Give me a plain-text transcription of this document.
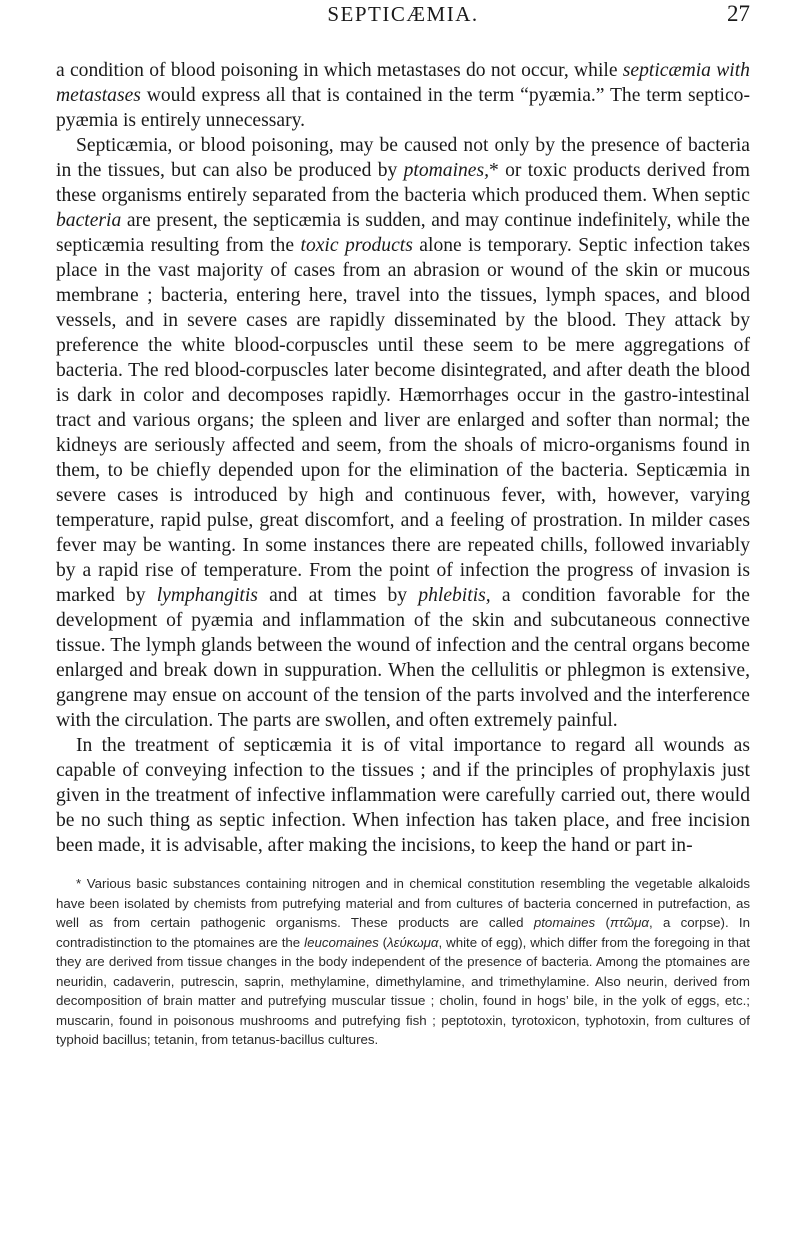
SEPTICÆMIA.	27

a condition of blood poisoning in which metastases do not occur, while septicæmia with metastases would express all that is contained in the term “pyæmia.” The term septico-pyæmia is entirely unnecessary.

Septicæmia, or blood poisoning, may be caused not only by the presence of bacteria in the tissues, but can also be produced by ptomaines,* or toxic products derived from these organisms entirely separated from the bacteria which produced them. When septic bacteria are present, the septicæmia is sudden, and may continue indefinitely, while the septicæmia resulting from the toxic products alone is temporary. Septic infection takes place in the vast majority of cases from an abrasion or wound of the skin or mucous membrane ; bacteria, entering here, travel into the tissues, lymph spaces, and blood vessels, and in severe cases are rapidly disseminated by the blood. They attack by preference the white blood-corpuscles until these seem to be mere aggregations of bacteria. The red blood-corpuscles later become disintegrated, and after death the blood is dark in color and decomposes rapidly. Hæmorrhages occur in the gastro-intestinal tract and various organs; the spleen and liver are enlarged and softer than normal; the kidneys are seriously affected and seem, from the shoals of micro-organisms found in them, to be chiefly depended upon for the elimination of the bacteria. Septicæmia in severe cases is introduced by high and continuous fever, with, however, varying temperature, rapid pulse, great discomfort, and a feeling of prostration. In milder cases fever may be wanting. In some instances there are repeated chills, followed invariably by a rapid rise of temperature. From the point of infection the progress of invasion is marked by lymphangitis and at times by phlebitis, a condition favorable for the development of pyæmia and inflammation of the skin and subcutaneous connective tissue. The lymph glands between the wound of infection and the central organs become enlarged and break down in suppuration. When the cellulitis or phlegmon is extensive, gangrene may ensue on account of the tension of the parts involved and the interference with the circulation. The parts are swollen, and often extremely painful.

In the treatment of septicæmia it is of vital importance to regard all wounds as capable of conveying infection to the tissues ; and if the principles of prophylaxis just given in the treatment of infective inflammation were carefully carried out, there would be no such thing as septic infection. When infection has taken place, and free incision been made, it is advisable, after making the incisions, to keep the hand or part in-

* Various basic substances containing nitrogen and in chemical constitution resembling the vegetable alkaloids have been isolated by chemists from putrefying material and from cultures of bacteria concerned in putrefaction, as well as from certain pathogenic organisms. These products are called ptomaines (πτῶμα, a corpse). In contradistinction to the ptomaines are the leucomaines (λεύκωμα, white of egg), which differ from the foregoing in that they are derived from tissue changes in the body independent of the presence of bacteria. Among the ptomaines are neuridin, cadaverin, putrescin, saprin, methylamine, dimethylamine, and trimethylamine. Also neurin, derived from decomposition of brain matter and putrefying muscular tissue ; cholin, found in hogs’ bile, in the yolk of eggs, etc.; muscarin, found in poisonous mushrooms and putrefying fish ; peptotoxin, tyrotoxicon, typhotoxin, from cultures of typhoid bacillus; tetanin, from tetanus-bacillus cultures.
